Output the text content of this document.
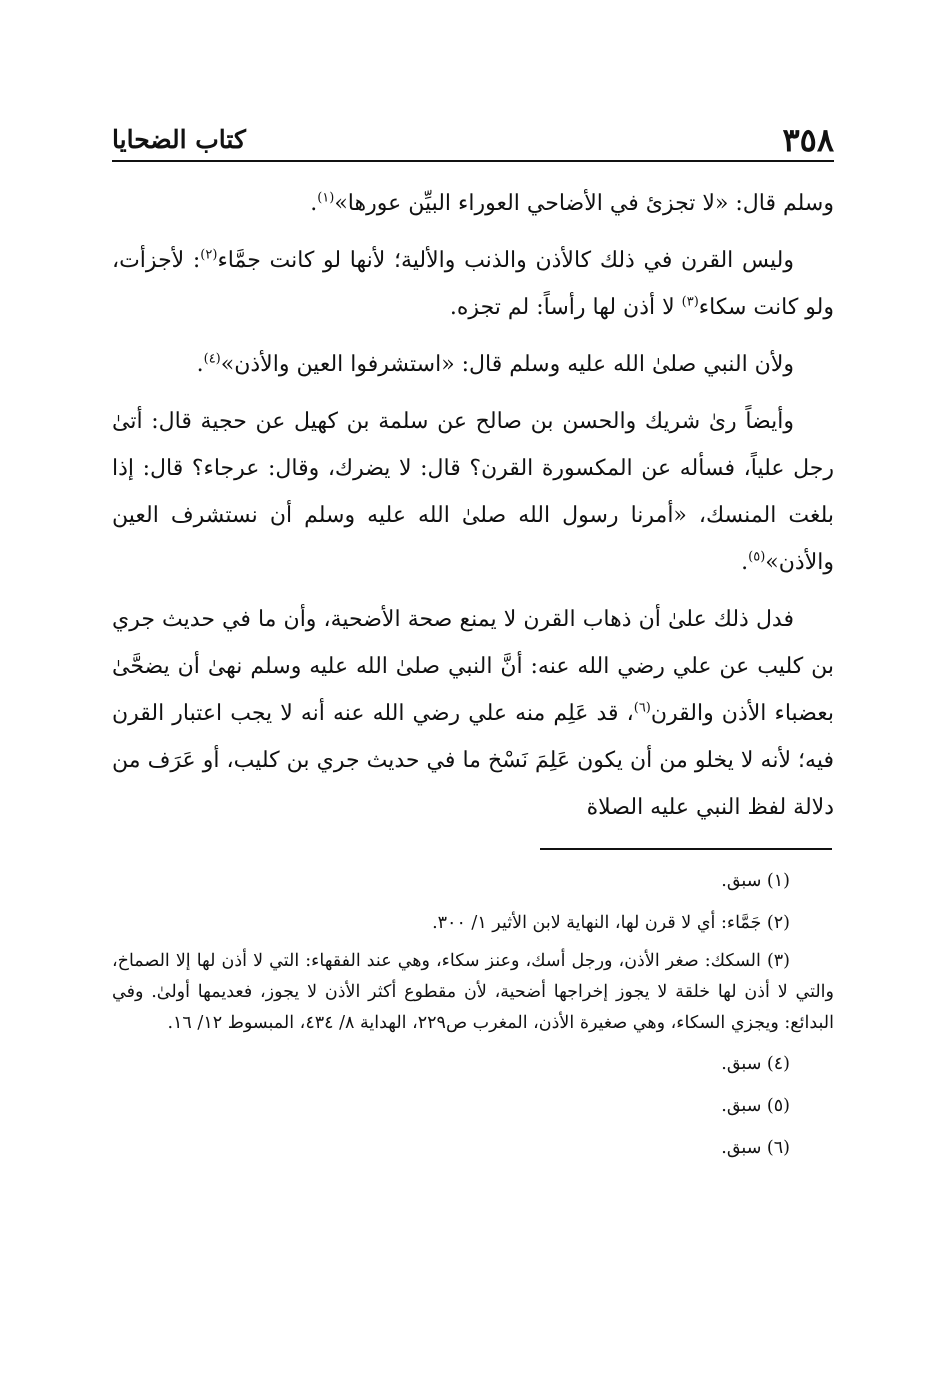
٣٥٨
كتاب الضحايا

وسلم قال: «لا تجزئ في الأضاحي العوراء البيِّن عورها»$^{(١)}$.

وليس القرن في ذلك كالأذن والذنب والألية؛ لأنها لو كانت جمَّاء$^{(٢)}$: لأجزأت، ولو كانت سكاء$^{(٣)}$ لا أذن لها رأساً: لم تجزه.

ولأن النبي صلىٰ الله عليه وسلم قال: «استشرفوا العين والأذن»$^{(٤)}$.

وأيضاً رىٰ شريك والحسن بن صالح عن سلمة بن كهيل عن حجية قال: أتىٰ رجل علياً، فسأله عن المكسورة القرن؟ قال: لا يضرك، وقال: عرجاء؟ قال: إذا بلغت المنسك، «أمرنا رسول الله صلىٰ الله عليه وسلم أن نستشرف العين والأذن»$^{(٥)}$.

فدل ذلك علىٰ أن ذهاب القرن لا يمنع صحة الأضحية، وأن ما في حديث جري بن كليب عن علي رضي الله عنه: أنَّ النبي صلىٰ الله عليه وسلم نهىٰ أن يضحَّىٰ بعضباء الأذن والقرن$^{(٦)}$، قد عَلِم منه علي رضي الله عنه أنه لا يجب اعتبار القرن فيه؛ لأنه لا يخلو من أن يكون عَلِمَ نَسْخ ما في حديث جري بن كليب، أو عَرَف من دلالة لفظ النبي عليه الصلاة

(١) سبق.
(٢) جَمَّاء: أي لا قرن لها، النهاية لابن الأثير ١/ ٣٠٠.
(٣) السكك: صغر الأذن، ورجل أسك، وعنز سكاء، وهي عند الفقهاء: التي لا أذن لها إلا الصماخ، والتي لا أذن لها خلقة لا يجوز إخراجها أضحية، لأن مقطوع أكثر الأذن لا يجوز، فعديمها أولىٰ. وفي البدائع: ويجزي السكاء، وهي صغيرة الأذن، المغرب ص٢٢٩، الهداية ٨/ ٤٣٤، المبسوط ١٢/ ١٦.
(٤) سبق.
(٥) سبق.
(٦) سبق.
